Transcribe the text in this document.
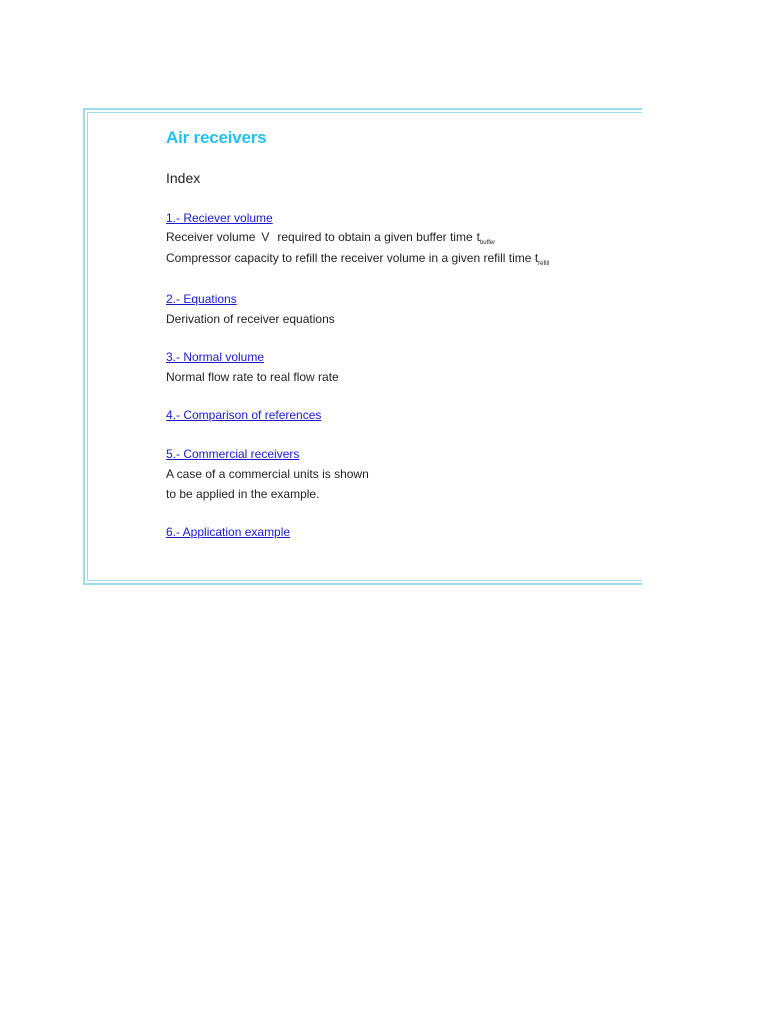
Air receivers
Index
1.- Reciever volume
Receiver volume V required to obtain a given buffer time $t_{buffer}$
Compressor capacity to refill the receiver volume in a given refill time $t_{refill}$
2.- Equations
Derivation of receiver equations
3.- Normal volume
Normal flow rate to real flow rate
4.- Comparison of references
5.- Commercial receivers
A case of a commercial units is shown
to be applied in the example.
6.- Application example
